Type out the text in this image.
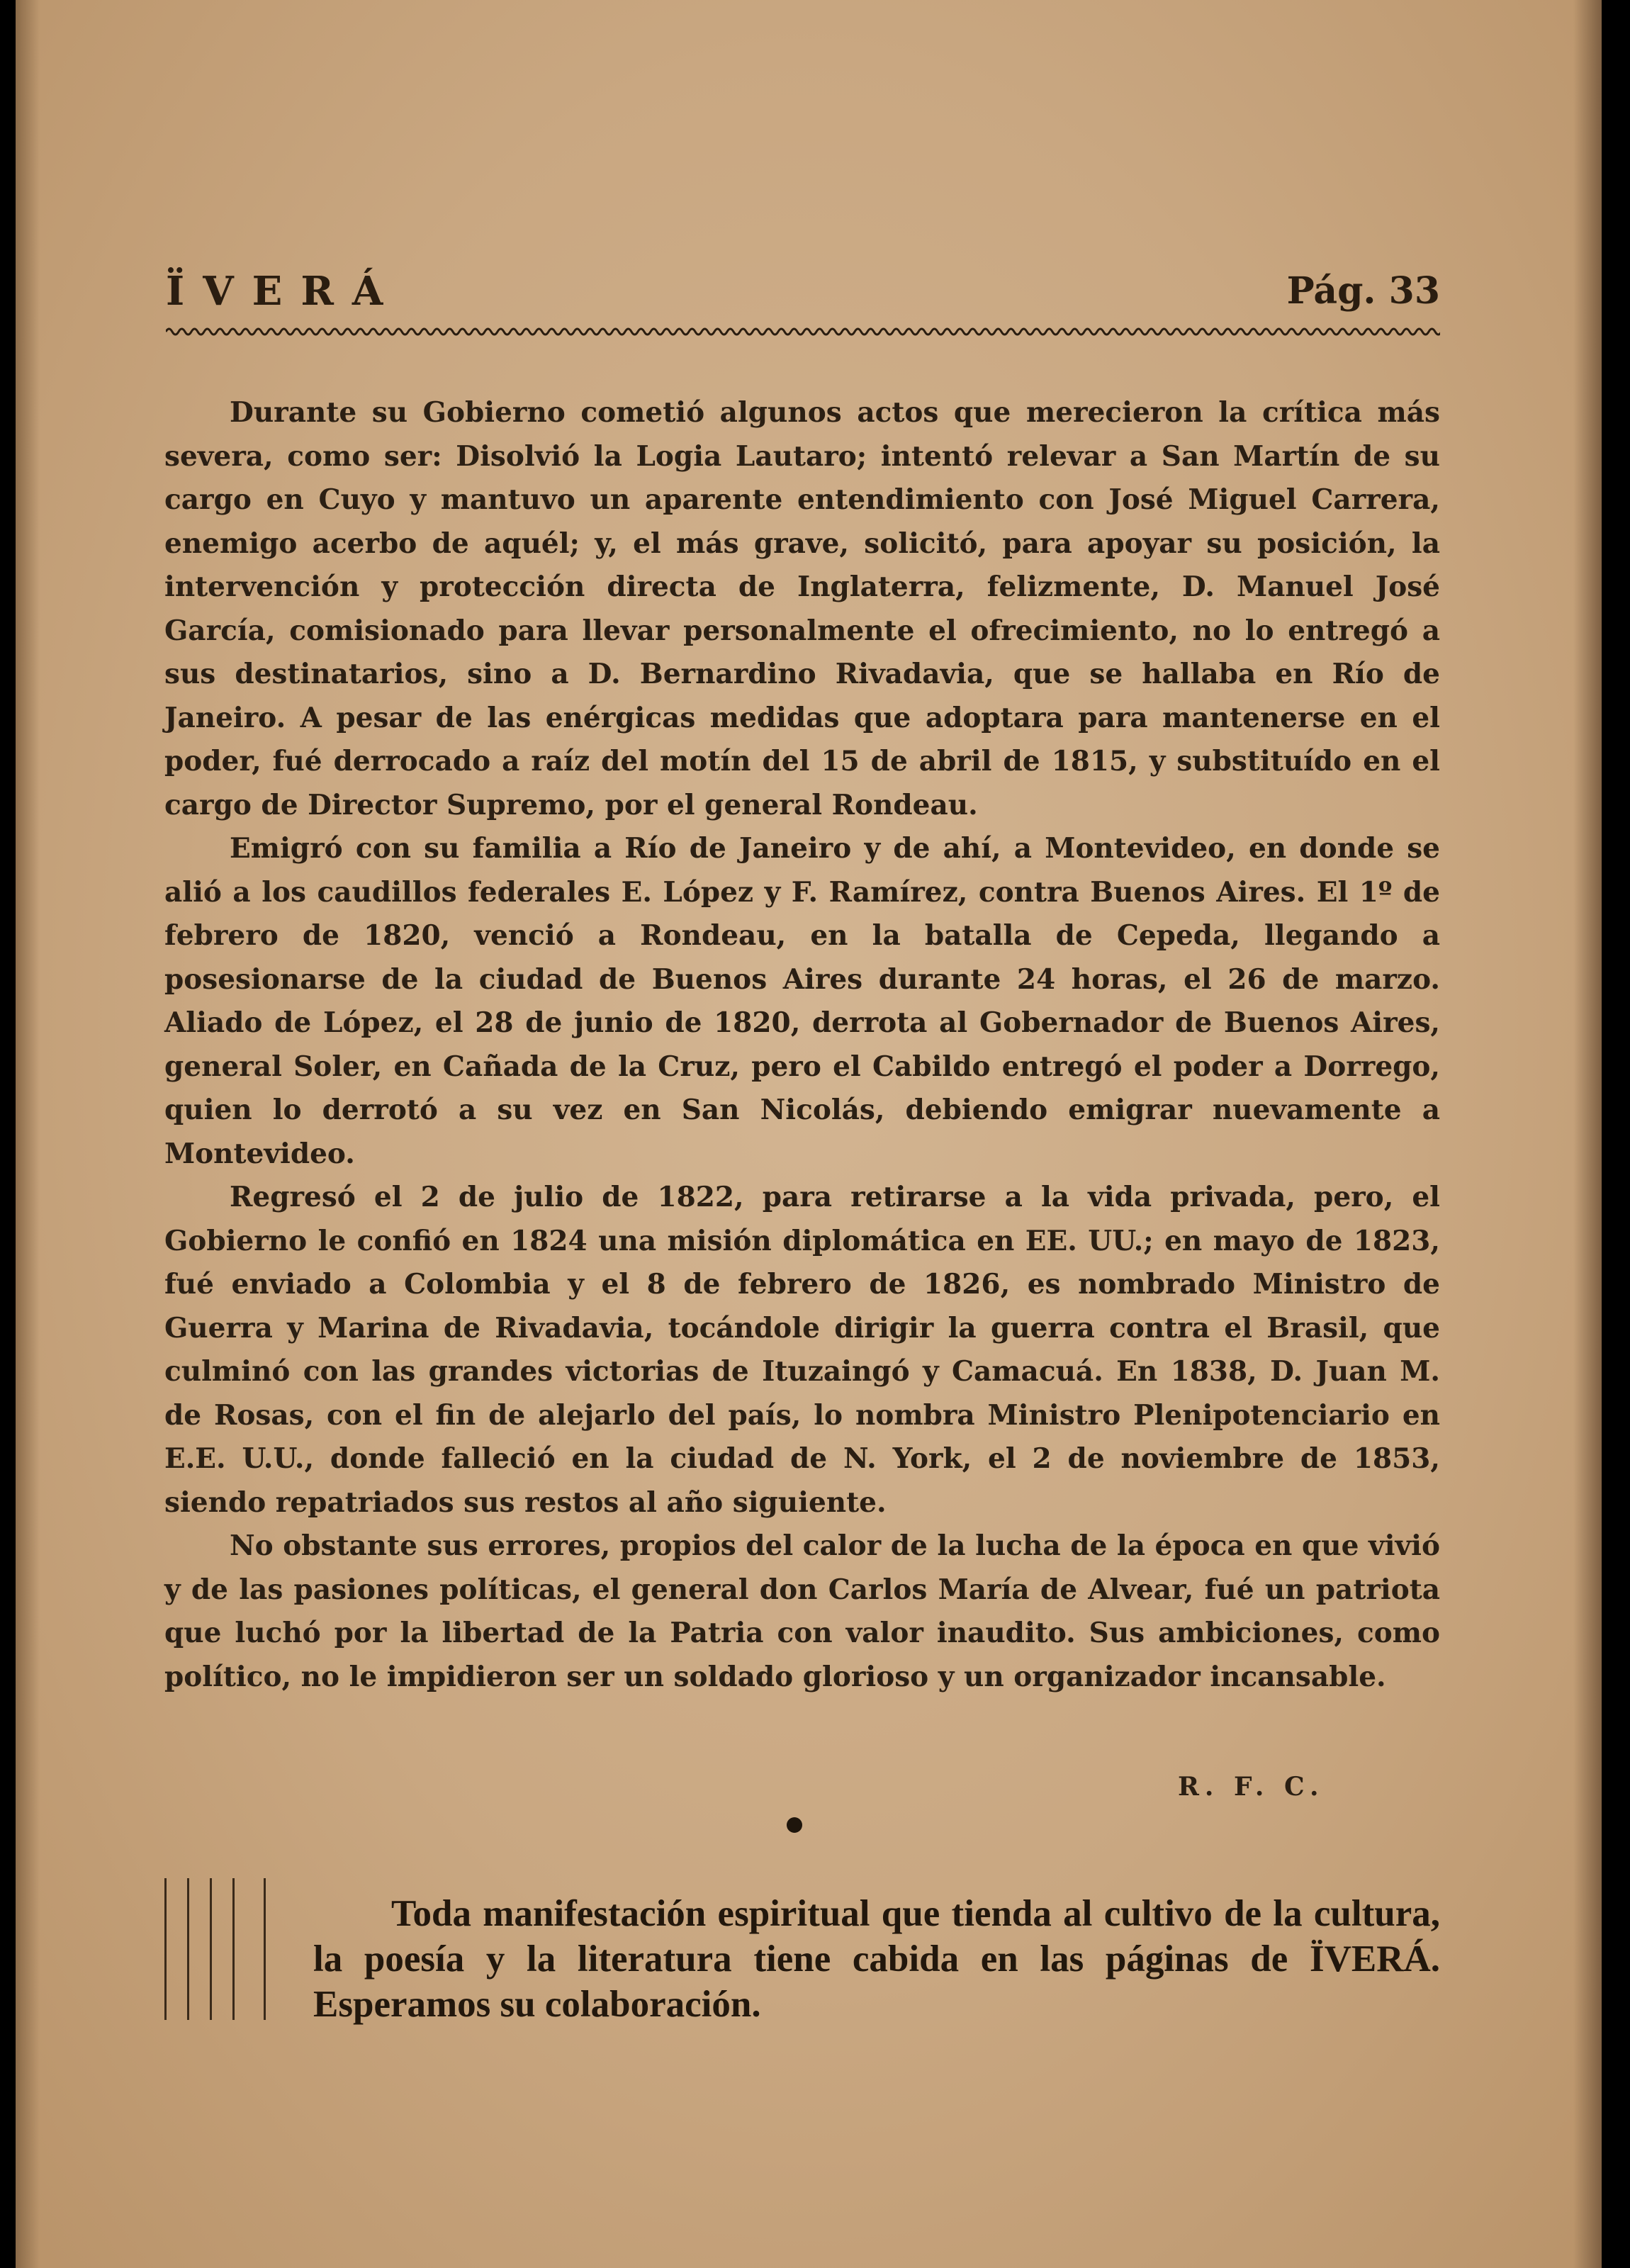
ÏVERÁ	Pág. 33

Durante su Gobierno cometió algunos actos que merecieron la crítica más severa, como ser: Disolvió la Logia Lautaro; intentó relevar a San Martín de su cargo en Cuyo y mantuvo un aparente entendimiento con José Miguel Carrera, enemigo acerbo de aquél; y, el más grave, solicitó, para apoyar su posición, la intervención y protección directa de Inglaterra, felizmente, D. Manuel José García, comisionado para llevar personalmente el ofrecimiento, no lo entregó a sus destinatarios, sino a D. Bernardino Rivadavia, que se hallaba en Río de Janeiro. A pesar de las enérgicas medidas que adoptara para mantenerse en el poder, fué derrocado a raíz del motín del 15 de abril de 1815, y substituído en el cargo de Director Supremo, por el general Rondeau.

Emigró con su familia a Río de Janeiro y de ahí, a Montevideo, en donde se alió a los caudillos federales E. López y F. Ramírez, contra Buenos Aires. El 1º de febrero de 1820, venció a Rondeau, en la batalla de Cepeda, llegando a posesionarse de la ciudad de Buenos Aires durante 24 horas, el 26 de marzo. Aliado de López, el 28 de junio de 1820, derrota al Gobernador de Buenos Aires, general Soler, en Cañada de la Cruz, pero el Cabildo entregó el poder a Dorrego, quien lo derrotó a su vez en San Nicolás, debiendo emigrar nuevamente a Montevideo.

Regresó el 2 de julio de 1822, para retirarse a la vida privada, pero, el Gobierno le confió en 1824 una misión diplomática en EE. UU.; en mayo de 1823, fué enviado a Colombia y el 8 de febrero de 1826, es nombrado Ministro de Guerra y Marina de Rivadavia, tocándole dirigir la guerra contra el Brasil, que culminó con las grandes victorias de Ituzaingó y Camacuá. En 1838, D. Juan M. de Rosas, con el fin de alejarlo del país, lo nombra Ministro Plenipotenciario en E.E. U.U., donde falleció en la ciudad de N. York, el 2 de noviembre de 1853, siendo repatriados sus restos al año siguiente.

No obstante sus errores, propios del calor de la lucha de la época en que vivió y de las pasiones políticas, el general don Carlos María de Alvear, fué un patriota que luchó por la libertad de la Patria con valor inaudito. Sus ambiciones, como político, no le impidieron ser un soldado glorioso y un organizador incansable.

R. F. C.

Toda manifestación espiritual que tienda al cultivo de la cultura, la poesía y la literatura tiene cabida en las páginas de ÏVERÁ. Esperamos su colaboración.
